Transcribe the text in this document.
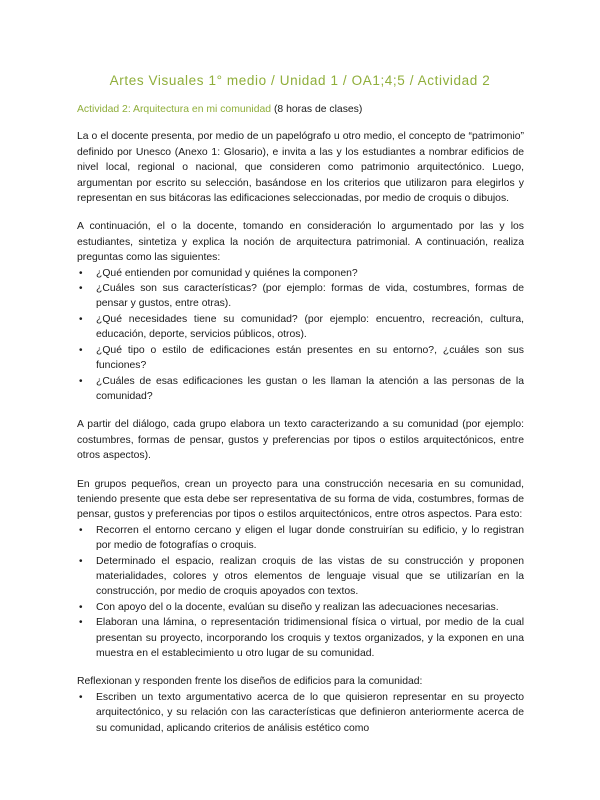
Artes Visuales 1° medio / Unidad 1 / OA1;4;5 / Actividad 2
Actividad 2: Arquitectura en mi comunidad (8 horas de clases)

La o el docente presenta, por medio de un papelógrafo u otro medio, el concepto de “patrimonio” definido por Unesco (Anexo 1: Glosario), e invita a las y los estudiantes a nombrar edificios de nivel local, regional o nacional, que consideren como patrimonio arquitectónico. Luego, argumentan por escrito su selección, basándose en los criterios que utilizaron para elegirlos y representan en sus bitácoras las edificaciones seleccionadas, por medio de croquis o dibujos.

A continuación, el o la docente, tomando en consideración lo argumentado por las y los estudiantes, sintetiza y explica la noción de arquitectura patrimonial. A continuación, realiza preguntas como las siguientes:

• ¿Qué entienden por comunidad y quiénes la componen?
• ¿Cuáles son sus características? (por ejemplo: formas de vida, costumbres, formas de pensar y gustos, entre otras).
• ¿Qué necesidades tiene su comunidad? (por ejemplo: encuentro, recreación, cultura, educación, deporte, servicios públicos, otros).
• ¿Qué tipo o estilo de edificaciones están presentes en su entorno?, ¿cuáles son sus funciones?
• ¿Cuáles de esas edificaciones les gustan o les llaman la atención a las personas de la comunidad?

A partir del diálogo, cada grupo elabora un texto caracterizando a su comunidad (por ejemplo: costumbres, formas de pensar, gustos y preferencias por tipos o estilos arquitectónicos, entre otros aspectos).

En grupos pequeños, crean un proyecto para una construcción necesaria en su comunidad, teniendo presente que esta debe ser representativa de su forma de vida, costumbres, formas de pensar, gustos y preferencias por tipos o estilos arquitectónicos, entre otros aspectos. Para esto:

• Recorren el entorno cercano y eligen el lugar donde construirían su edificio, y lo registran por medio de fotografías o croquis.
• Determinado el espacio, realizan croquis de las vistas de su construcción y proponen materialidades, colores y otros elementos de lenguaje visual que se utilizarían en la construcción, por medio de croquis apoyados con textos.
• Con apoyo del o la docente, evalúan su diseño y realizan las adecuaciones necesarias.
• Elaboran una lámina, o representación tridimensional física o virtual, por medio de la cual presentan su proyecto, incorporando los croquis y textos organizados, y la exponen en una muestra en el establecimiento u otro lugar de su comunidad.

Reflexionan y responden frente los diseños de edificios para la comunidad:

• Escriben un texto argumentativo acerca de lo que quisieron representar en su proyecto arquitectónico, y su relación con las características que definieron anteriormente acerca de su comunidad, aplicando criterios de análisis estético como
